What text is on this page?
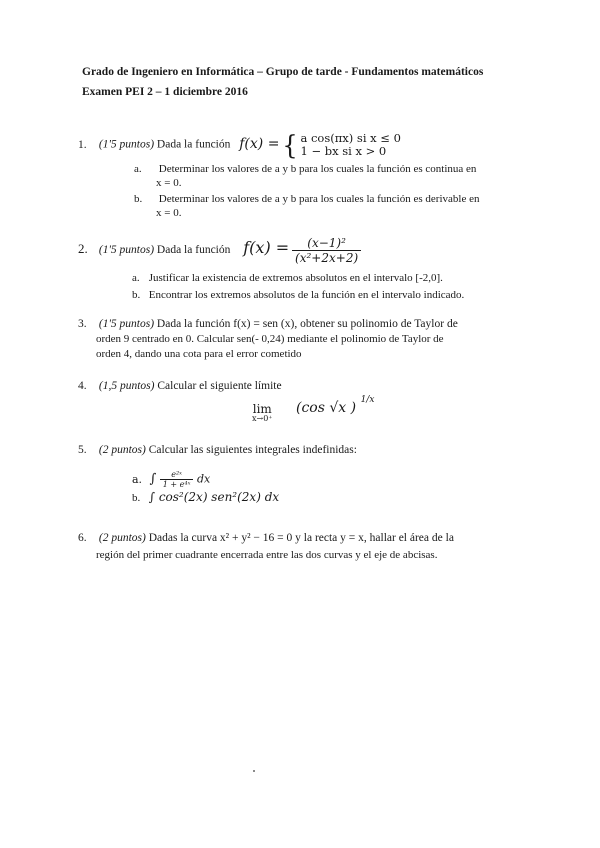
Grado de Ingeniero en Informática – Grupo de tarde - Fundamentos matemáticos
Examen PEI 2 – 1 diciembre 2016
1. (1'5 puntos) Dada la función f(x) = { a cos(πx) si x ≤ 0
1 − bx si x > 0
a. Determinar los valores de a y b para los cuales la función es continua en
x = 0.
b. Determinar los valores de a y b para los cuales la función es derivable en
x = 0.
2. (1'5 puntos) Dada la función $f(x) = \frac{\text{(x−1)²}}{\text{(x²+2x+2)}}$
a. Justificar la existencia de extremos absolutos en el intervalo [-2,0].
b. Encontrar los extremos absolutos de la función en el intervalo indicado.
3. (1'5 puntos) Dada la función f(x) = sen (x), obtener su polinomio de Taylor de
orden 9 centrado en 0. Calcular sen(- 0,24) mediante el polinomio de Taylor de
orden 4, dando una cota para el error cometido
4. (1,5 puntos) Calcular el siguiente límite
lim
x→0⁺
(cos √x ) $^{1/x}$
5. (2 puntos) Calcular las siguientes integrales indefinidas:
a. ∫ $\frac{\text{e²ˣ}}{\text{1 + e⁴ˣ}}$ dx
b. ∫ cos²(2x) sen²(2x) dx
6. (2 puntos) Dadas la curva x² + y² − 16 = 0 y la recta y = x, hallar el área de la
región del primer cuadrante encerrada entre las dos curvas y el eje de abcisas.
